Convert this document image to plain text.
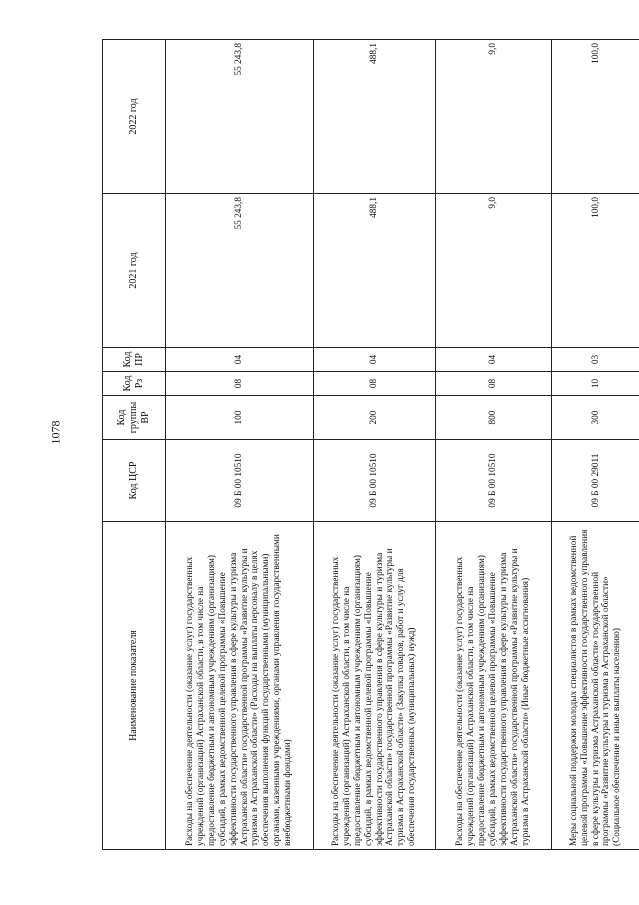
1078
Наименование показателя	Код ЦСР	Код группы ВР	Код Рз	Код ПР	2021 год	2022 год
Расходы на обеспечение деятельности (оказание услуг) государственных учреждений (организаций) Астраханской области, в том числе на предоставление бюджетным и автономным учреждениям (организациям) субсидий, в рамках ведомственной целевой программы «Повышение эффективности государственного управления в сфере культуры и туризма Астраханской области» государственной программы «Развитие культуры и туризма в Астраханской области» (Расходы на выплаты персоналу в целях обеспечения выполнения функций государственными (муниципальными) органами, казенными учреждениями, органами управления государственными внебюджетными фондами)	09 Б 00 10510	100	08	04	55 243,8	55 243,8
Расходы на обеспечение деятельности (оказание услуг) государственных учреждений (организаций) Астраханской области, в том числе на предоставление бюджетным и автономным учреждениям (организациям) субсидий, в рамках ведомственной целевой программы «Повышение эффективности государственного управления в сфере культуры и туризма Астраханской области» государственной программы «Развитие культуры и туризма в Астраханской области» (Закупка товаров, работ и услуг для обеспечения государственных (муниципальных) нужд)	09 Б 00 10510	200	08	04	488,1	488,1
Расходы на обеспечение деятельности (оказание услуг) государственных учреждений (организаций) Астраханской области, в том числе на предоставление бюджетным и автономным учреждениям (организациям) субсидий, в рамках ведомственной целевой программы «Повышение эффективности государственного управления в сфере культуры и туризма Астраханской области» государственной программы «Развитие культуры и туризма в Астраханской области» (Иные бюджетные ассигнования)	09 Б 00 10510	800	08	04	9,0	9,0
Меры социальной поддержки молодых специалистов в рамках ведомственной целевой программы «Повышение эффективности государственного управления в сфере культуры и туризма Астраханской области» государственной программы «Развитие культуры и туризма в Астраханской области» (Социальное обеспечение и иные выплаты населению)	09 Б 00 29011	300	10	03	100,0	100,0
